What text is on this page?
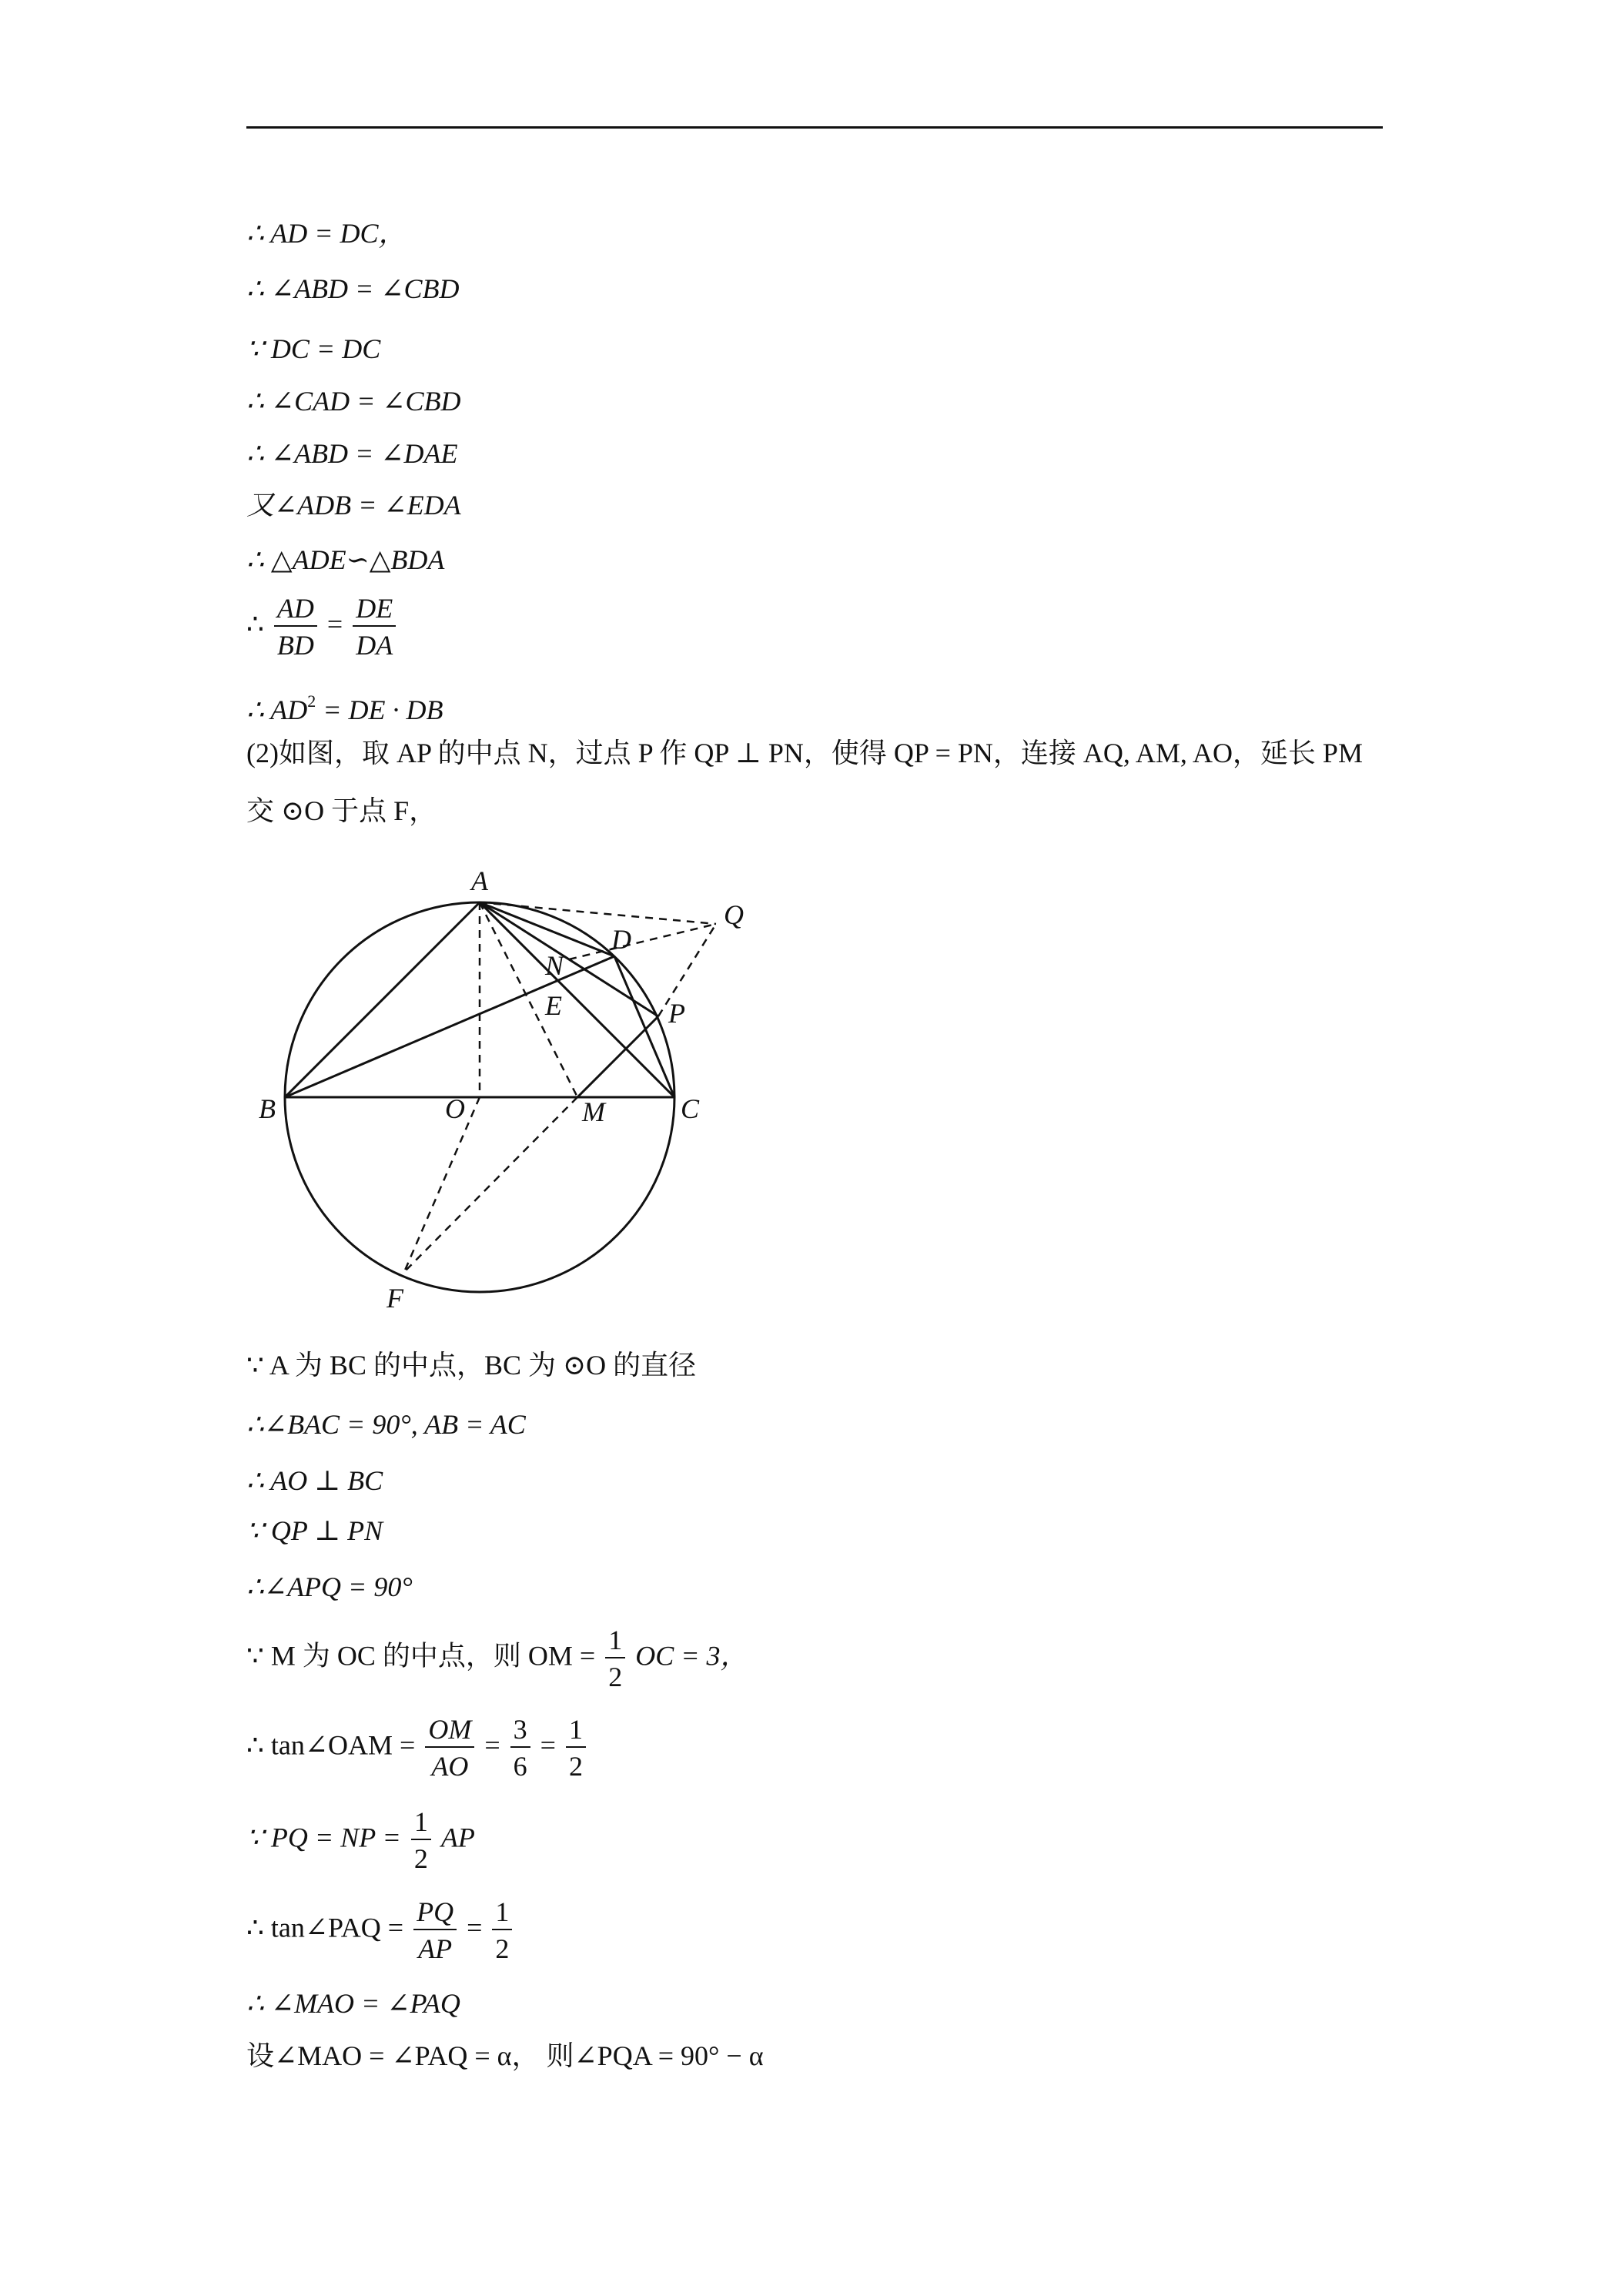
∴ AD = DC，
∴ ∠ABD = ∠CBD
∵ DC = DC
∴ ∠CAD = ∠CBD
∴ ∠ABD = ∠DAE
又∠ADB = ∠EDA
∴ △ADE∽△BDA
∴ $\frac{AD}{BD} = \frac{DE}{DA}$
∴ $AD^2$ = DE · DB
(2)如图，取 AP 的中点 N，过点 P 作 QP ⊥ PN，使得 QP = PN，连接 AQ, AM, AO，延长 PM
交 ⊙O 于点 F，
A
Q
D
N
E	P
B	O	M	C
F
∵ A 为 BC 的中点，BC 为 ⊙O 的直径
∴∠BAC = 90°, AB = AC
∴ AO ⊥ BC
∵ QP ⊥ PN
∴∠APQ = 90°
∵ M 为 OC 的中点，则 OM = $\frac{1}{2}$ OC = 3，
∴ tan∠OAM = $\frac{OM}{AO} = \frac{3}{6} = \frac{1}{2}$
∵ PQ = NP = $\frac{1}{2}$ AP
∴ tan∠PAQ = $\frac{PQ}{AP} = \frac{1}{2}$
∴ ∠MAO = ∠PAQ
设∠MAO = ∠PAQ = α， 则∠PQA = 90° − α
